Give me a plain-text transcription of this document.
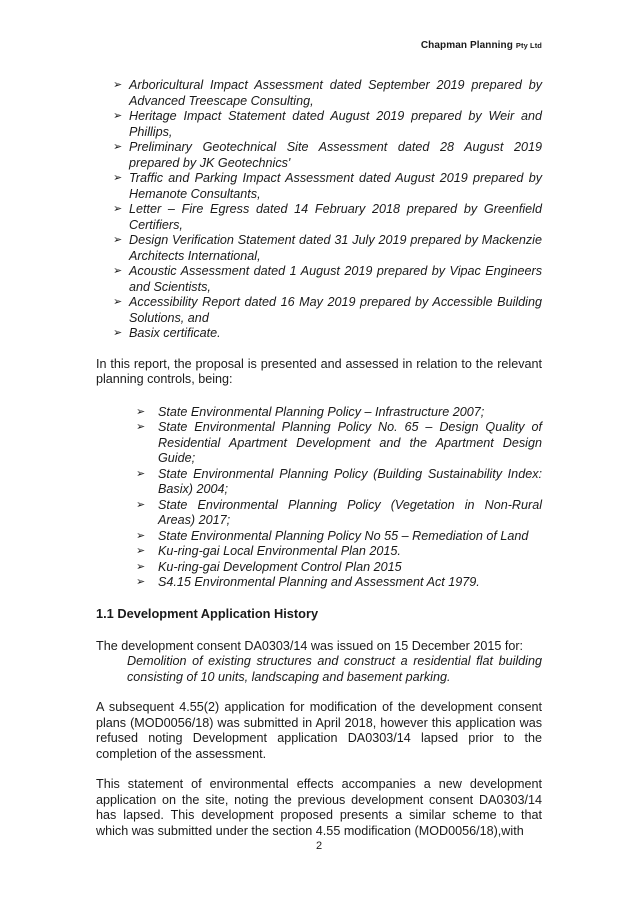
Chapman Planning Pty Ltd
➢ Arboricultural Impact Assessment dated September 2019 prepared by Advanced Treescape Consulting,
➢ Heritage Impact Statement dated August 2019 prepared by Weir and Phillips,
➢ Preliminary Geotechnical Site Assessment dated 28 August 2019 prepared by JK Geotechnics'
➢ Traffic and Parking Impact Assessment dated August 2019 prepared by Hemanote Consultants,
➢ Letter – Fire Egress dated 14 February 2018 prepared by Greenfield Certifiers,
➢ Design Verification Statement dated 31 July 2019 prepared by Mackenzie Architects International,
➢ Acoustic Assessment dated 1 August 2019 prepared by Vipac Engineers and Scientists,
➢ Accessibility Report dated 16 May 2019 prepared by Accessible Building Solutions, and
➢ Basix certificate.

In this report, the proposal is presented and assessed in relation to the relevant planning controls, being:

➢ State Environmental Planning Policy – Infrastructure 2007;
➢ State Environmental Planning Policy No. 65 – Design Quality of Residential Apartment Development and the Apartment Design Guide;
➢ State Environmental Planning Policy (Building Sustainability Index: Basix) 2004;
➢ State Environmental Planning Policy (Vegetation in Non-Rural Areas) 2017;
➢ State Environmental Planning Policy No 55 – Remediation of Land
➢ Ku-ring-gai Local Environmental Plan 2015.
➢ Ku-ring-gai Development Control Plan 2015
➢ S4.15 Environmental Planning and Assessment Act 1979.
1.1 Development Application History

The development consent DA0303/14 was issued on 15 December 2015 for:

Demolition of existing structures and construct a residential flat building consisting of 10 units, landscaping and basement parking.

A subsequent 4.55(2) application for modification of the development consent plans (MOD0056/18) was submitted in April 2018, however this application was refused noting Development application DA0303/14 lapsed prior to the completion of the assessment.

This statement of environmental effects accompanies a new development application on the site, noting the previous development consent DA0303/14 has lapsed. This development proposed presents a similar scheme to that which was submitted under the section 4.55 modification (MOD0056/18),with

2
